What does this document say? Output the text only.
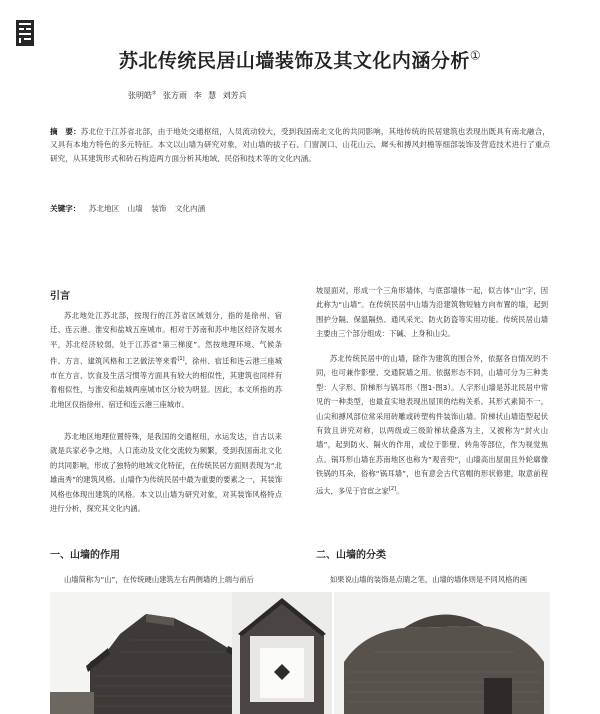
苏北传统民居山墙装饰及其文化内涵分析①
张明皓② 张方雨 李 慧 刘芳兵
摘　要：苏北位于江苏省北部，由于地处交通枢纽，人员流动较大，受到我国南北文化的共同影响，其地传统的民居建筑也表现出既具有南北融合，又具有本地方特色的多元特征。本文以山墙为研究对象，对山墙的拔子石、门窗洞口、山花山云、墀头和搏风封檐等细部装饰及营造技术进行了重点研究，从其建筑形式和砖石构造两方面分析其地域、民俗和技术等的文化内涵。
关键字： 苏北地区 山墙 装饰 文化内涵
引言
苏北地处江苏北部，按现行的江苏省区域划分，指的是徐州、宿迁、连云港、淮安和盐城五座城市。相对于苏南和苏中地区经济发展水平，苏北经济较弱，处于江苏省“第三梯度”。然按地理环境、气候条件、方言、建筑风格和工艺做法等来看[1]，徐州、宿迁和连云港三座城市在方言、饮食及生活习惯等方面具有较大的相似性，其建筑也同样有着相似性，与淮安和盐城两座城市区分较为明显。因此，本文所指的苏北地区仅指徐州、宿迁和连云港三座城市。
苏北地区地理位置特殊，是我国的交通枢纽，水运发达，自古以来就是兵家必争之地，人口流动及文化交流较为频繁，受到我国南北文化的共同影响，形成了独特的地域文化特征，在传统民居方面则表现为“北雄南秀”的建筑风格。山墙作为传统民居中最为重要的要素之一，其装饰风格也体现出建筑的风格。本文以山墙为研究对象，对其装饰风格特点进行分析，探究其文化内涵。
一、山墙的作用
山墙简称为“山”，在传统硬山建筑左右两侧墙的上端与前后
坡屋面对，形成一个三角形墙体，与底部墙体一起，似古体“山”字，因此称为“山墙”。在传统民居中山墙为沿建筑物短轴方向布置的墙，起到围护分隔、保温隔热、通风采光、防火防盗等实用功能。传统民居山墙主要由三个部分组成：下碱、上身和山尖。
苏北传统民居中的山墙，除作为建筑的围合外，依据各自情况的不同，也可兼作影壁、交通院墙之用。依据形态不同，山墙可分为三种类型：人字形、阶梯形与锅耳形（图1-图3）。人字形山墙是苏北民居中常见的一种类型，也最直实地表现出屋顶的结构关系。其形式素简不一，山尖和搏风部位常采用砖雕或砖塑构件装饰山墙。阶梯状山墙造型起伏有致且讲究对称，以两级或三级阶梯状叠落为主，又被称为“封火山墙”，起到防火、隔火的作用，或位于影壁、转角等部位，作为视觉焦点。锅耳形山墙在苏南地区也称为“观音兜”，山墙高出屋面且外轮廓像铁锅的耳朵，俗称“锅耳墙”，也有意会古代官帽的形状修建，取意前程远大，多见于官宦之家[2]。
二、山墙的分类
如果说山墙的装饰是点睛之笔，山墙的墙体则是不同风格的画
